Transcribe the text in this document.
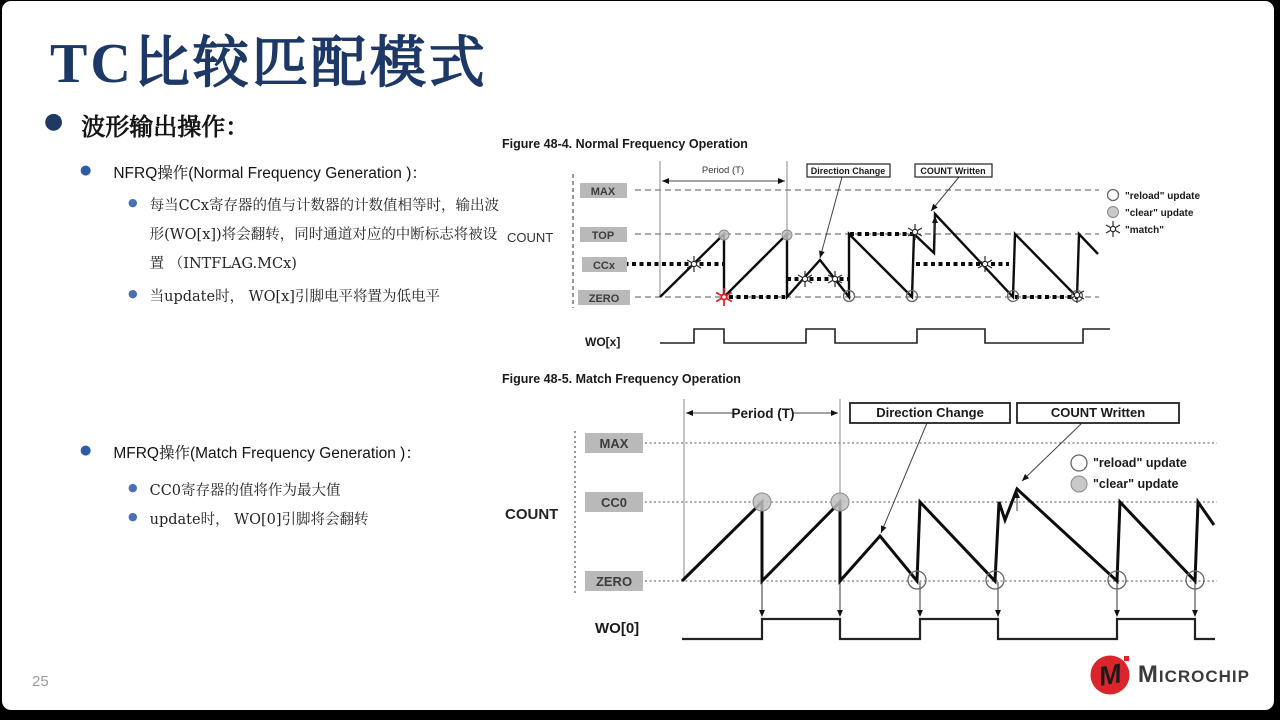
TC比较匹配模式
● 波形输出操作：
● NFRQ操作(Normal Frequency Generation )：
● 每当CCx寄存器的值与计数器的计数值相等时，输出波形(WO[x])将会翻转，同时通道对应的中断标志将被设置 （INTFLAG.MCx)
● 当update时， WO[x]引脚电平将置为低电平
● MFRQ操作(Match Frequency Generation )：
● CC0寄存器的值将作为最大值
● update时， WO[0]引脚将会翻转
Figure 48-4. Normal Frequency Operation
COUNT
MAX
TOP
CCx
ZERO
Period (T)	Direction Change	COUNT Written
"reload" update
"clear" update
"match"
WO[x]
Figure 48-5. Match Frequency Operation
COUNT
MAX
CC0
ZERO
Period (T)	Direction Change	COUNT Written
"reload" update
"clear" update
WO[0]
25	M Microchip
